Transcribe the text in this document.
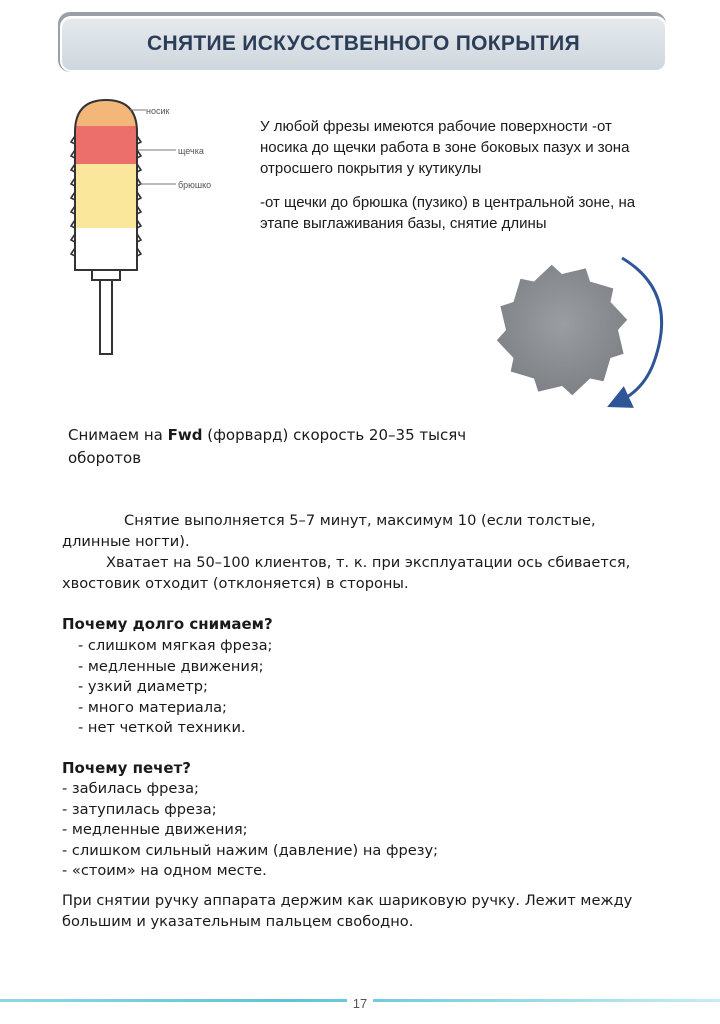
СНЯТИЕ ИСКУССТВЕННОГО ПОКРЫТИЯ
носик
щечка
брюшко

У любой фрезы имеются рабочие поверхности -от носика до щечки работа в зоне боковых пазух и зона отросшего покрытия у кутикулы

-от щечки до брюшка (пузико) в центральной зоне, на этапе выглаживания базы, снятие длины

Снимаем на Fwd (форвард) скорость 20–35 тысяч оборотов

Снятие выполняется 5–7 минут, максимум 10 (если толстые, длинные ногти).

Хватает на 50–100 клиентов, т. к. при эксплуатации ось сбивается, хвостовик отходит (отклоняется) в стороны.

Почему долго снимаем?
- слишком мягкая фреза;
- медленные движения;
- узкий диаметр;
- много материала;
- нет четкой техники.
Почему печет?
- забилась фреза;
- затупилась фреза;
- медленные движения;
- слишком сильный нажим (давление) на фрезу;
- «стоим» на одном месте.
При снятии ручку аппарата держим как шариковую ручку. Лежит между большим и указательным пальцем свободно.
17
